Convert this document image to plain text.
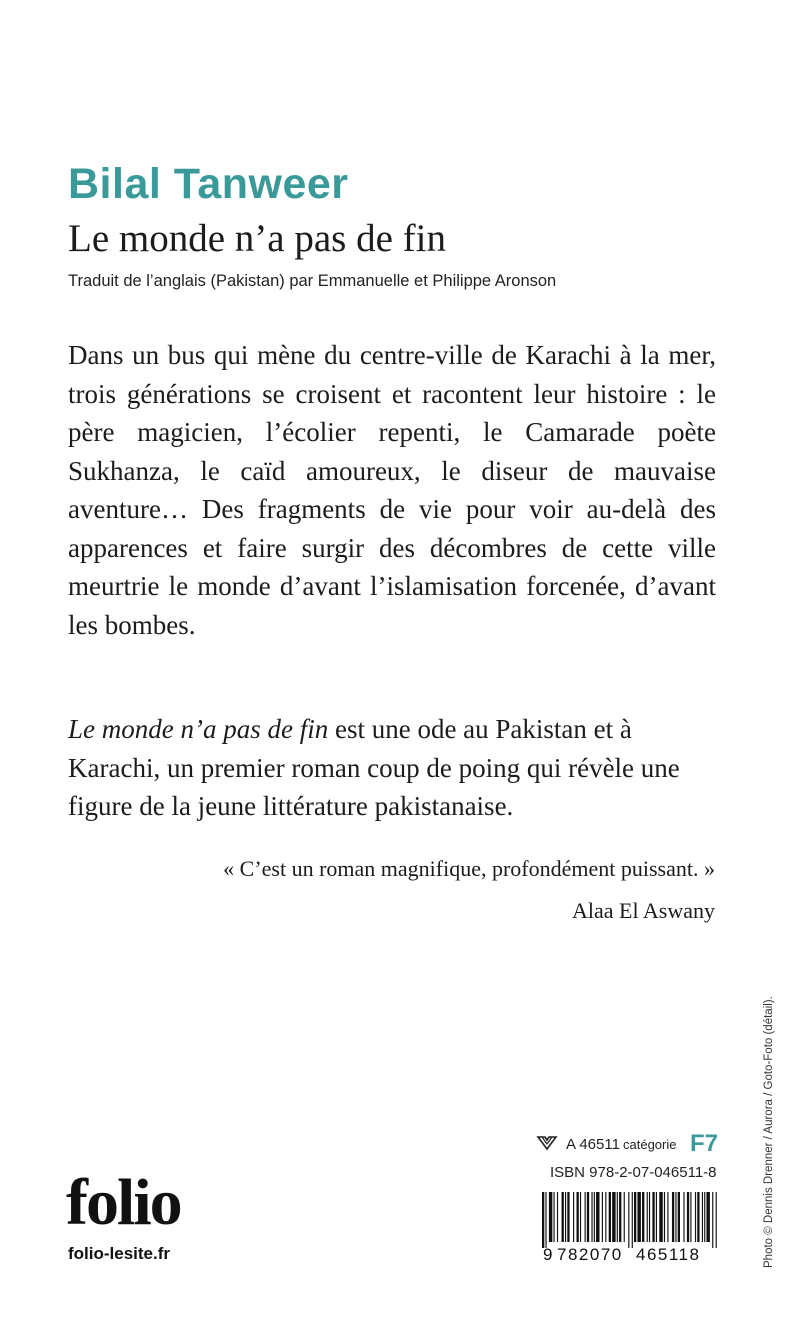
Bilal Tanweer
Le monde n’a pas de fin
Traduit de l’anglais (Pakistan) par Emmanuelle et Philippe Aronson

Dans un bus qui mène du centre-ville de Karachi à la mer, trois générations se croisent et racontent leur histoire : le père magicien, l’écolier repenti, le Camarade poète Sukhanza, le caïd amoureux, le diseur de mauvaise aventure… Des fragments de vie pour voir au-delà des apparences et faire surgir des décombres de cette ville meurtrie le monde d’avant l’islamisation forcenée, d’avant les bombes.

Le monde n’a pas de fin est une ode au Pakistan et à Karachi, un premier roman coup de poing qui révèle une figure de la jeune littérature pakistanaise.

« C’est un roman magnifique, profondément puissant. »
Alaa El Aswany
Photo © Dennis Drenner / Aurora / Goto-Foto (détail).
folio
folio-lesite.fr
A 46511 catégorie F7
ISBN 978-2-07-046511-8
9 782070 465118
